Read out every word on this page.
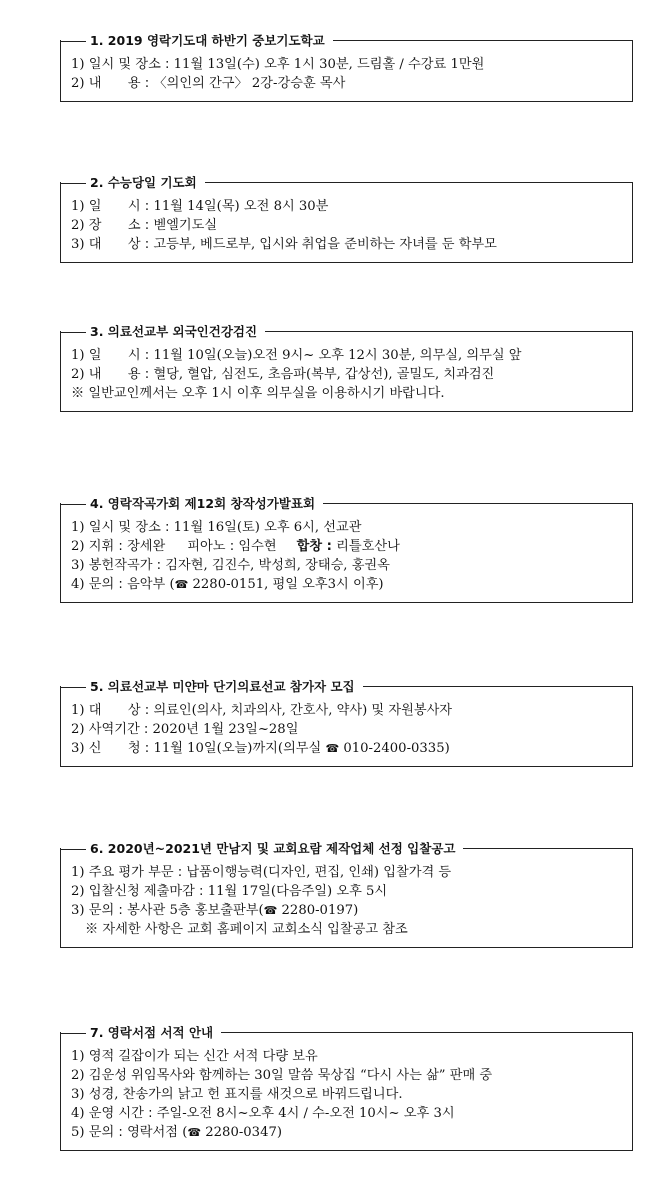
1. 2019 영락기도대 하반기 중보기도학교
1) 일시 및 장소 : 11월 13일(수) 오후 1시 30분, 드림홀 / 수강료 1만원
2) 내　　용 : 〈의인의 간구〉 2강-강승훈 목사
2. 수능당일 기도회
1) 일　　시 : 11월 14일(목) 오전 8시 30분
2) 장　　소 : 벧엘기도실
3) 대　　상 : 고등부, 베드로부, 입시와 취업을 준비하는 자녀를 둔 학부모
3. 의료선교부 외국인건강검진
1) 일　　시 : 11월 10일(오늘)오전 9시~ 오후 12시 30분, 의무실, 의무실 앞
2) 내　　용 : 혈당, 혈압, 심전도, 초음파(복부, 갑상선), 골밀도, 치과검진
※ 일반교인께서는 오후 1시 이후 의무실을 이용하시기 바랍니다.
4. 영락작곡가회 제12회 창작성가발표회
1) 일시 및 장소 : 11월 16일(토) 오후 6시, 선교관
2) 지휘 : 장세완 피아노 : 임수현 합창 : 리틀호산나
3) 봉헌작곡가 : 김자현, 김진수, 박성희, 장태승, 홍권옥
4) 문의 : 음악부 (☎ 2280-0151, 평일 오후3시 이후)
5. 의료선교부 미얀마 단기의료선교 참가자 모집
1) 대　　상 : 의료인(의사, 치과의사, 간호사, 약사) 및 자원봉사자
2) 사역기간 : 2020년 1월 23일~28일
3) 신　　청 : 11월 10일(오늘)까지(의무실 ☎ 010-2400-0335)
6. 2020년~2021년 만남지 및 교회요람 제작업체 선정 입찰공고
1) 주요 평가 부문 : 납품이행능력(디자인, 편집, 인쇄) 입찰가격 등
2) 입찰신청 제출마감 : 11월 17일(다음주일) 오후 5시
3) 문의 : 봉사관 5층 홍보출판부(☎ 2280-0197)
※ 자세한 사항은 교회 홈페이지 교회소식 입찰공고 참조
7. 영락서점 서적 안내
1) 영적 길잡이가 되는 신간 서적 다량 보유
2) 김운성 위임목사와 함께하는 30일 말씀 묵상집 “다시 사는 삶” 판매 중
3) 성경, 찬송가의 낡고 헌 표지를 새것으로 바꿔드립니다.
4) 운영 시간 : 주일-오전 8시~오후 4시 / 수-오전 10시~ 오후 3시
5) 문의 : 영락서점 (☎ 2280-0347)
